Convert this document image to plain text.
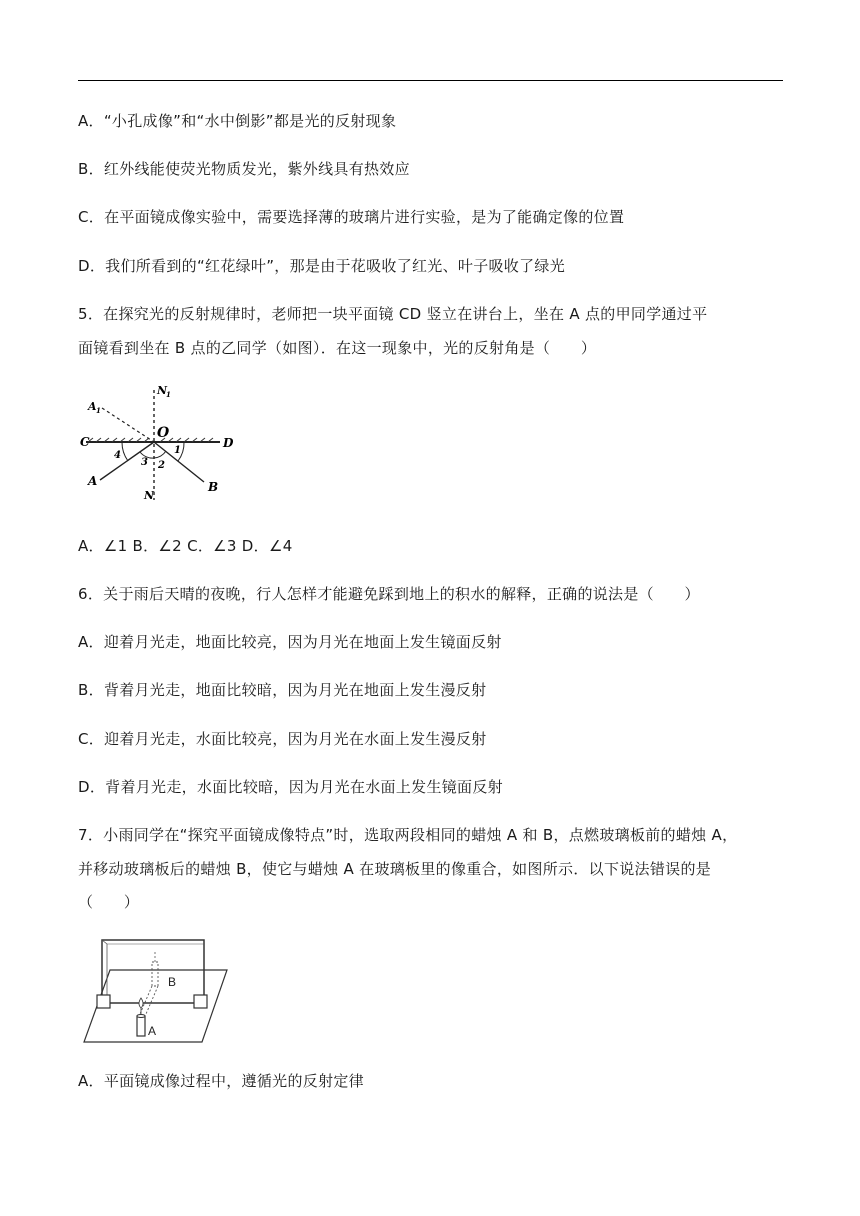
A．“小孔成像”和“水中倒影”都是光的反射现象
B．红外线能使荧光物质发光，紫外线具有热效应
C．在平面镜成像实验中，需要选择薄的玻璃片进行实验，是为了能确定像的位置
D．我们所看到的“红花绿叶”，那是由于花吸收了红光、叶子吸收了绿光
5．在探究光的反射规律时，老师把一块平面镜 CD 竖立在讲台上，坐在 A 点的甲同学通过平
面镜看到坐在 B 点的乙同学（如图）．在这一现象中，光的反射角是（　　）
A 1
N
1
O
C	D
A	B
N
1
2
3
4
A．∠1 B．∠2 C．∠3 D．∠4
6．关于雨后天晴的夜晚，行人怎样才能避免踩到地上的积水的解释，正确的说法是（　　）
A．迎着月光走，地面比较亮，因为月光在地面上发生镜面反射
B．背着月光走，地面比较暗，因为月光在地面上发生漫反射
C．迎着月光走，水面比较亮，因为月光在水面上发生漫反射
D．背着月光走，水面比较暗，因为月光在水面上发生镜面反射
7．小雨同学在“探究平面镜成像特点”时，选取两段相同的蜡烛 A 和 B，点燃玻璃板前的蜡烛 A，
并移动玻璃板后的蜡烛 B，使它与蜡烛 A 在玻璃板里的像重合，如图所示．以下说法错误的是
（　　）
B
A
A．平面镜成像过程中，遵循光的反射定律
